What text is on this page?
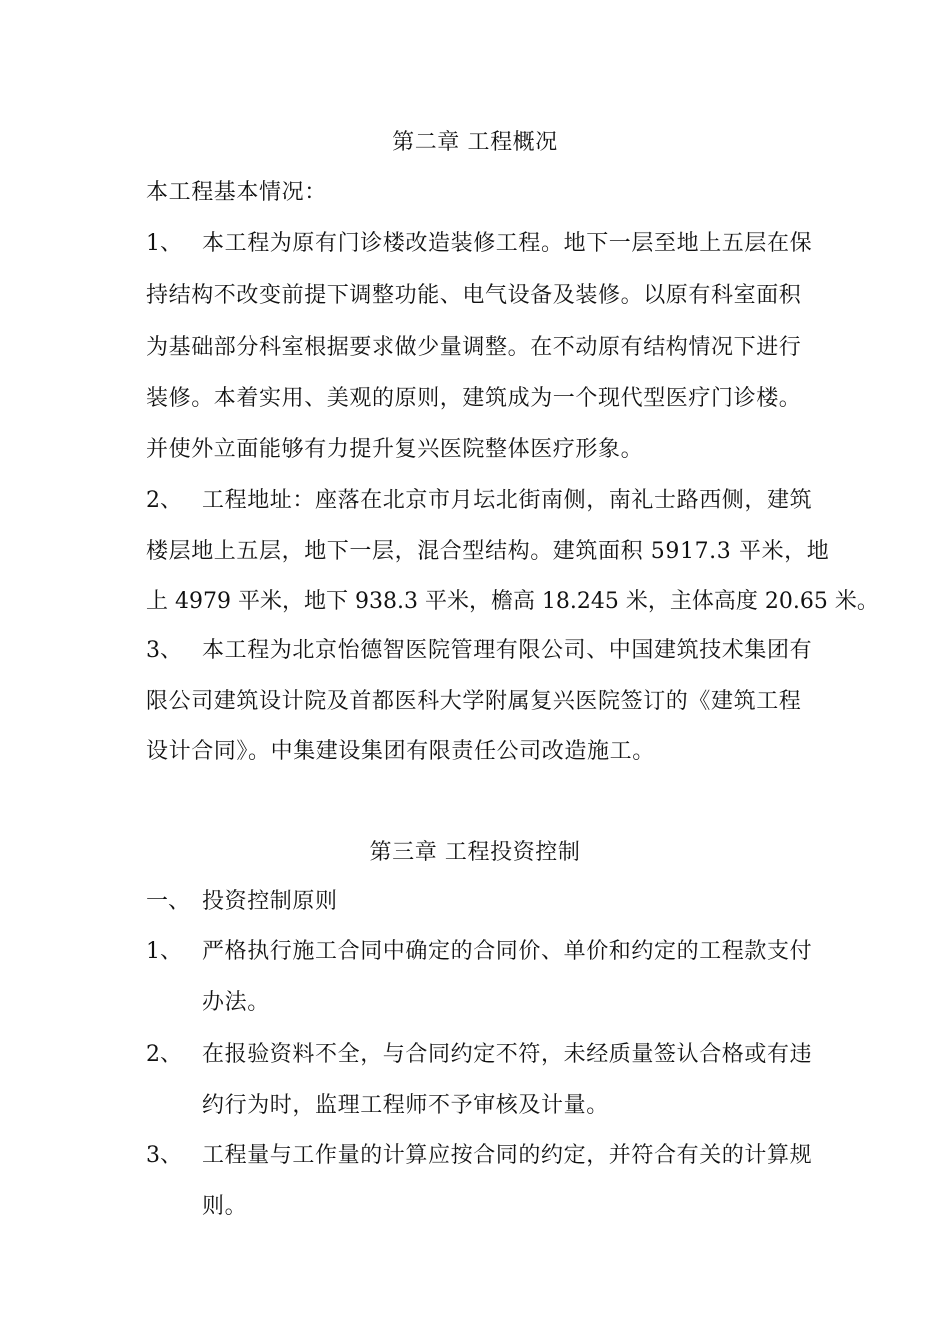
第二章 工程概况
本工程基本情况：
1、 本工程为原有门诊楼改造装修工程。地下一层至地上五层在保
持结构不改变前提下调整功能、电气设备及装修。以原有科室面积
为基础部分科室根据要求做少量调整。在不动原有结构情况下进行
装修。本着实用、美观的原则，建筑成为一个现代型医疗门诊楼。
并使外立面能够有力提升复兴医院整体医疗形象。
2、 工程地址：座落在北京市月坛北街南侧，南礼士路西侧，建筑
楼层地上五层，地下一层，混合型结构。建筑面积 5917.3 平米，地
上 4979 平米，地下 938.3 平米，檐高 18.245 米，主体高度 20.65 米。
3、 本工程为北京怡德智医院管理有限公司、中国建筑技术集团有
限公司建筑设计院及首都医科大学附属复兴医院签订的《建筑工程
设计合同》。中集建设集团有限责任公司改造施工。
第三章 工程投资控制
一、 投资控制原则
1、 严格执行施工合同中确定的合同价、单价和约定的工程款支付
办法。
2、 在报验资料不全，与合同约定不符，未经质量签认合格或有违
约行为时，监理工程师不予审核及计量。
3、 工程量与工作量的计算应按合同的约定，并符合有关的计算规
则。
